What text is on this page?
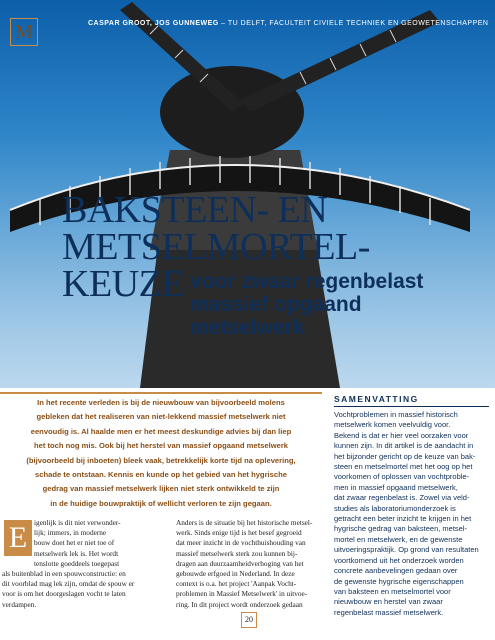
M	CASPAR GROOT, JOS GUNNEWEG – TU DELFT, FACULTEIT CIVIELE TECHNIEK EN GEOWETENSCHAPPEN
BAKSTEEN- EN
METSELMORTEL-
KEUZE voor zwaar regenbelast
massief opgaand
metselwerk
In het recente verleden is bij de nieuwbouw van bijvoorbeeld molens
gebleken dat het realiseren van niet-lekkend massief metselwerk niet
eenvoudig is. Al haalde men er het meest deskundige advies bij dan liep
het toch nog mis. Ook bij het herstel van massief opgaand metselwerk
(bijvoorbeeld bij inboeten) bleek vaak, betrekkelijk korte tijd na oplevering,
schade te ontstaan. Kennis en kunde op het gebied van het hygrische
gedrag van massief metselwerk lijken niet sterk ontwikkeld te zijn
in de huidige bouwpraktijk of wellicht verloren te zijn gegaan.
E igenlijk is dit niet verwonder-
lijk; immers, in moderne
bouw doet het er niet toe of
metselwerk lek is. Het wordt
tenslotte goeddeels toegepast
als buitenblad in een spouwconstructie: en
dit voorblad mag lek zijn, omdat de spouw er
voor is om het doorgeslagen vocht te laten
verdampen.
Anders is de situatie bij het historische metsel-
werk. Sinds enige tijd is het besef gegroeid
dat meer inzicht in de vochthuishouding van
massief metselwerk sterk zou kunnen bij-
dragen aan duurzaamheidverhoging van het
gebouwde erfgoed in Nederland. In deze
context is o.a. het project 'Aanpak Vocht-
problemen in Massief Metselwerk' in uitvoe-
ring. In dit project wordt onderzoek gedaan
SAMENVATTING
Vochtproblemen in massief historisch
metselwerk komen veelvuldig voor.
Bekend is dat er hier veel oorzaken voor
kunnen zijn. In dit artikel is de aandacht in
het bijzonder gericht op de keuze van bak-
steen en metselmortel met het oog op het
voorkomen of oplossen van vochtproble-
men in massief opgaand metselwerk,
dat zwaar regenbelast is. Zowel via veld-
studies als laboratoriumonderzoek is
getracht een beter inzicht te krijgen in het
hygrische gedrag van baksteen, metsel-
mortel en metselwerk, en de gewenste
uitvoeringspraktijk. Op grond van resultaten
voortkomend uit het onderzoek worden
concrete aanbevelingen gedaan over
de gewenste hygrische eigenschappen
van baksteen en metselmortel voor
nieuwbouw en herstel van zwaar
regenbelast massief metselwerk.
20
